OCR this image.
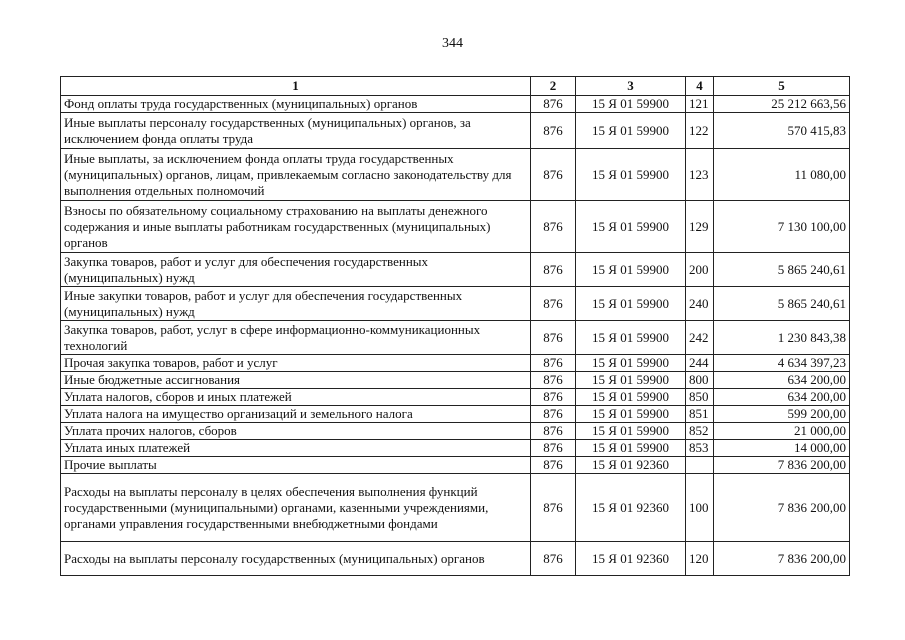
344
1	2	3	4	5
Фонд оплаты труда государственных (муниципальных) органов	876	15 Я 01 59900	121	25 212 663,56
Иные выплаты персоналу государственных (муниципальных) органов, за исключением фонда оплаты труда	876	15 Я 01 59900	122	570 415,83
Иные выплаты, за исключением фонда оплаты труда государственных (муниципальных) органов, лицам, привлекаемым согласно законодательству для выполнения отдельных полномочий	876	15 Я 01 59900	123	11 080,00
Взносы по обязательному социальному страхованию на выплаты денежного содержания и иные выплаты работникам государственных (муниципальных) органов	876	15 Я 01 59900	129	7 130 100,00
Закупка товаров, работ и услуг для обеспечения государственных (муниципальных) нужд	876	15 Я 01 59900	200	5 865 240,61
Иные закупки товаров, работ и услуг для обеспечения государственных (муниципальных) нужд	876	15 Я 01 59900	240	5 865 240,61
Закупка товаров, работ, услуг в сфере информационно-коммуникационных технологий	876	15 Я 01 59900	242	1 230 843,38
Прочая закупка товаров, работ и услуг	876	15 Я 01 59900	244	4 634 397,23
Иные бюджетные ассигнования	876	15 Я 01 59900	800	634 200,00
Уплата налогов, сборов и иных платежей	876	15 Я 01 59900	850	634 200,00
Уплата налога на имущество организаций и земельного налога	876	15 Я 01 59900	851	599 200,00
Уплата прочих налогов, сборов	876	15 Я 01 59900	852	21 000,00
Уплата иных платежей	876	15 Я 01 59900	853	14 000,00
Прочие выплаты	876	15 Я 01 92360		7 836 200,00
Расходы на выплаты персоналу в целях обеспечения выполнения функций государственными (муниципальными) органами, казенными учреждениями, органами управления государственными внебюджетными фондами	876	15 Я 01 92360	100	7 836 200,00
Расходы на выплаты персоналу государственных (муниципальных) органов	876	15 Я 01 92360	120	7 836 200,00
